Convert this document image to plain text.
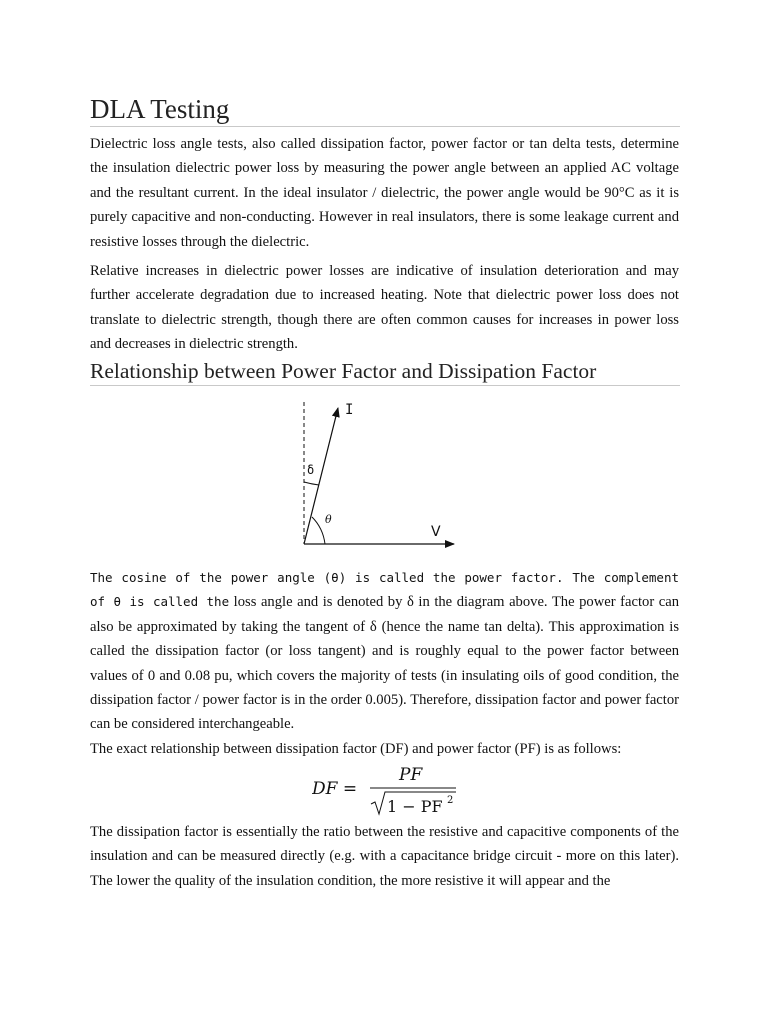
DLA Testing

Dielectric loss angle tests, also called dissipation factor, power factor or tan delta tests, determine the insulation dielectric power loss by measuring the power angle between an applied AC voltage and the resultant current. In the ideal insulator / dielectric, the power angle would be 90°C as it is purely capacitive and non-conducting. However in real insulators, there is some leakage current and resistive losses through the dielectric.

Relative increases in dielectric power losses are indicative of insulation deterioration and may further accelerate degradation due to increased heating. Note that dielectric power loss does not translate to dielectric strength, though there are often common causes for increases in power loss and decreases in dielectric strength.

Relationship between Power Factor and Dissipation Factor
I
V
δ
θ

The cosine of the power angle (θ) is called the power factor. The complement of θ is called the loss angle and is denoted by δ in the diagram above. The power factor can also be approximated by taking the tangent of δ (hence the name tan delta). This approximation is called the dissipation factor (or loss tangent) and is roughly equal to the power factor between values of 0 and 0.08 pu, which covers the majority of tests (in insulating oils of good condition, the dissipation factor / power factor is in the order 0.005). Therefore, dissipation factor and power factor can be considered interchangeable.

The exact relationship between dissipation factor (DF) and power factor (PF) is as follows:

DF =
PF
1 − PF 2

The dissipation factor is essentially the ratio between the resistive and capacitive components of the insulation and can be measured directly (e.g. with a capacitance bridge circuit - more on this later). The lower the quality of the insulation condition, the more resistive it will appear and the
